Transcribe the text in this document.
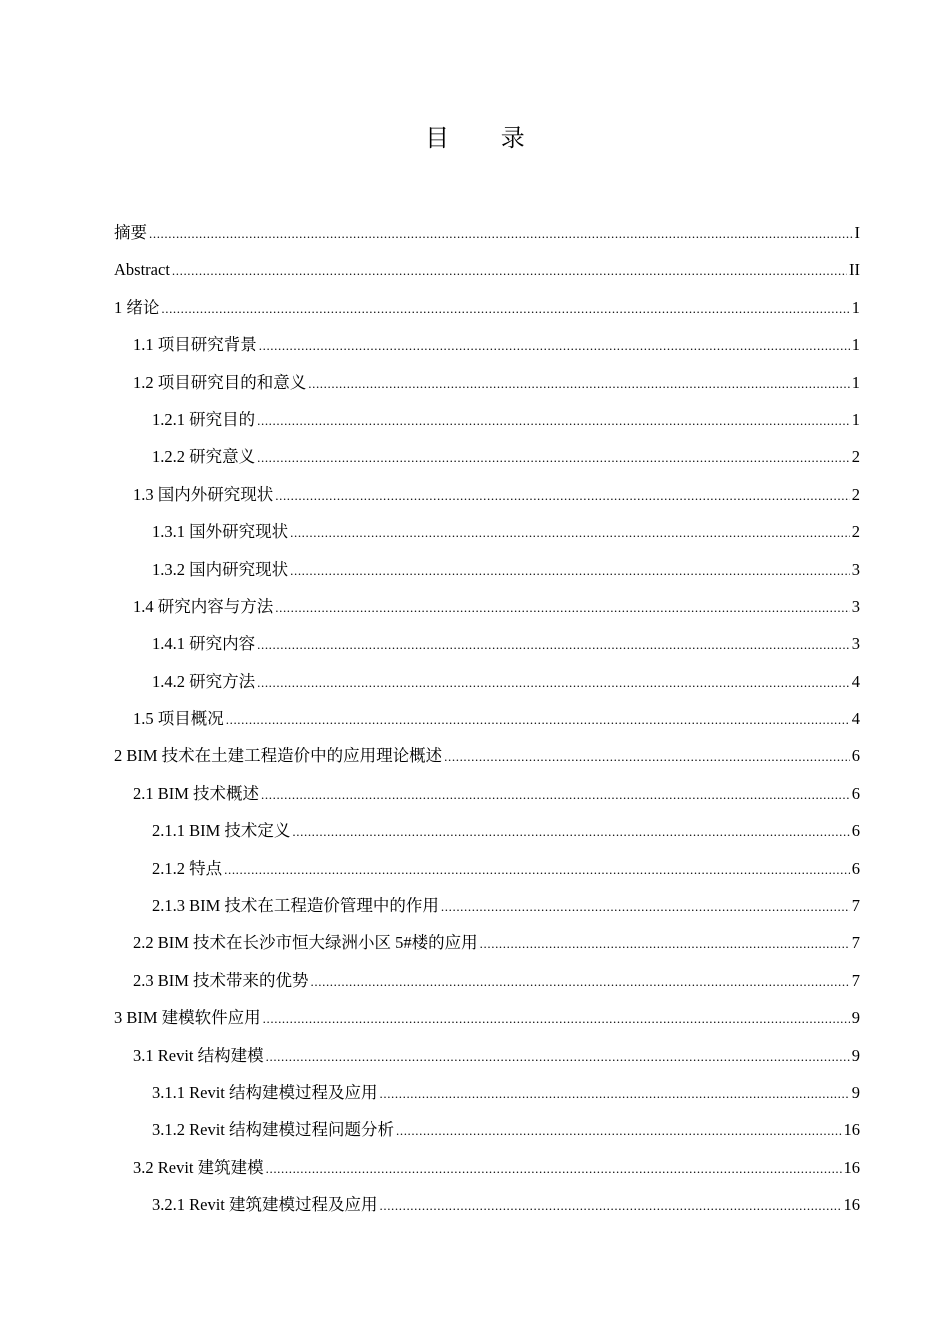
目 录
摘要 .....	I
Abstract .....	II
1 绪论 .....	1
1.1 项目研究背景 .....	1
1.2 项目研究目的和意义 .....	1
1.2.1 研究目的 .....	1
1.2.2 研究意义 .....	2
1.3 国内外研究现状 .....	2
1.3.1 国外研究现状 .....	2
1.3.2 国内研究现状 .....	3
1.4 研究内容与方法 .....	3
1.4.1 研究内容 .....	3
1.4.2 研究方法 .....	4
1.5 项目概况 .....	4
2 BIM 技术在土建工程造价中的应用理论概述 .....	6
2.1 BIM 技术概述 .....	6
2.1.1 BIM 技术定义 .....	6
2.1.2 特点 .....	6
2.1.3 BIM 技术在工程造价管理中的作用 .....	7
2.2 BIM 技术在长沙市恒大绿洲小区 5#楼的应用 .....	7
2.3 BIM 技术带来的优势 .....	7
3 BIM 建模软件应用 .....	9
3.1 Revit 结构建模 .....	9
3.1.1 Revit 结构建模过程及应用 .....	9
3.1.2 Revit 结构建模过程问题分析 .....	16
3.2 Revit 建筑建模 .....	16
3.2.1 Revit 建筑建模过程及应用 .....	16
